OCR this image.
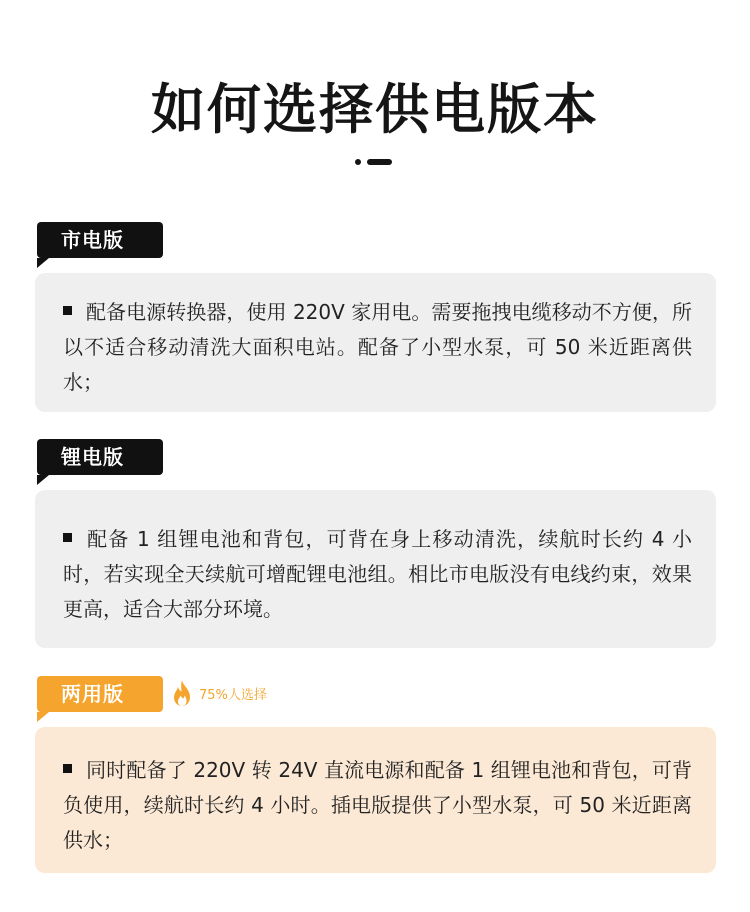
如何选择供电版本
市电版
配备电源转换器，使用 220V 家用电。需要拖拽电缆移动不方便，所以不适合移动清洗大面积电站。配备了小型水泵，可 50 米近距离供水；
锂电版
配备 1 组锂电池和背包，可背在身上移动清洗，续航时长约 4 小时，若实现全天续航可增配锂电池组。相比市电版没有电线约束，效果更高，适合大部分环境。
两用版	75%人选择
同时配备了 220V 转 24V 直流电源和配备 1 组锂电池和背包，可背负使用，续航时长约 4 小时。插电版提供了小型水泵，可 50 米近距离供水；
